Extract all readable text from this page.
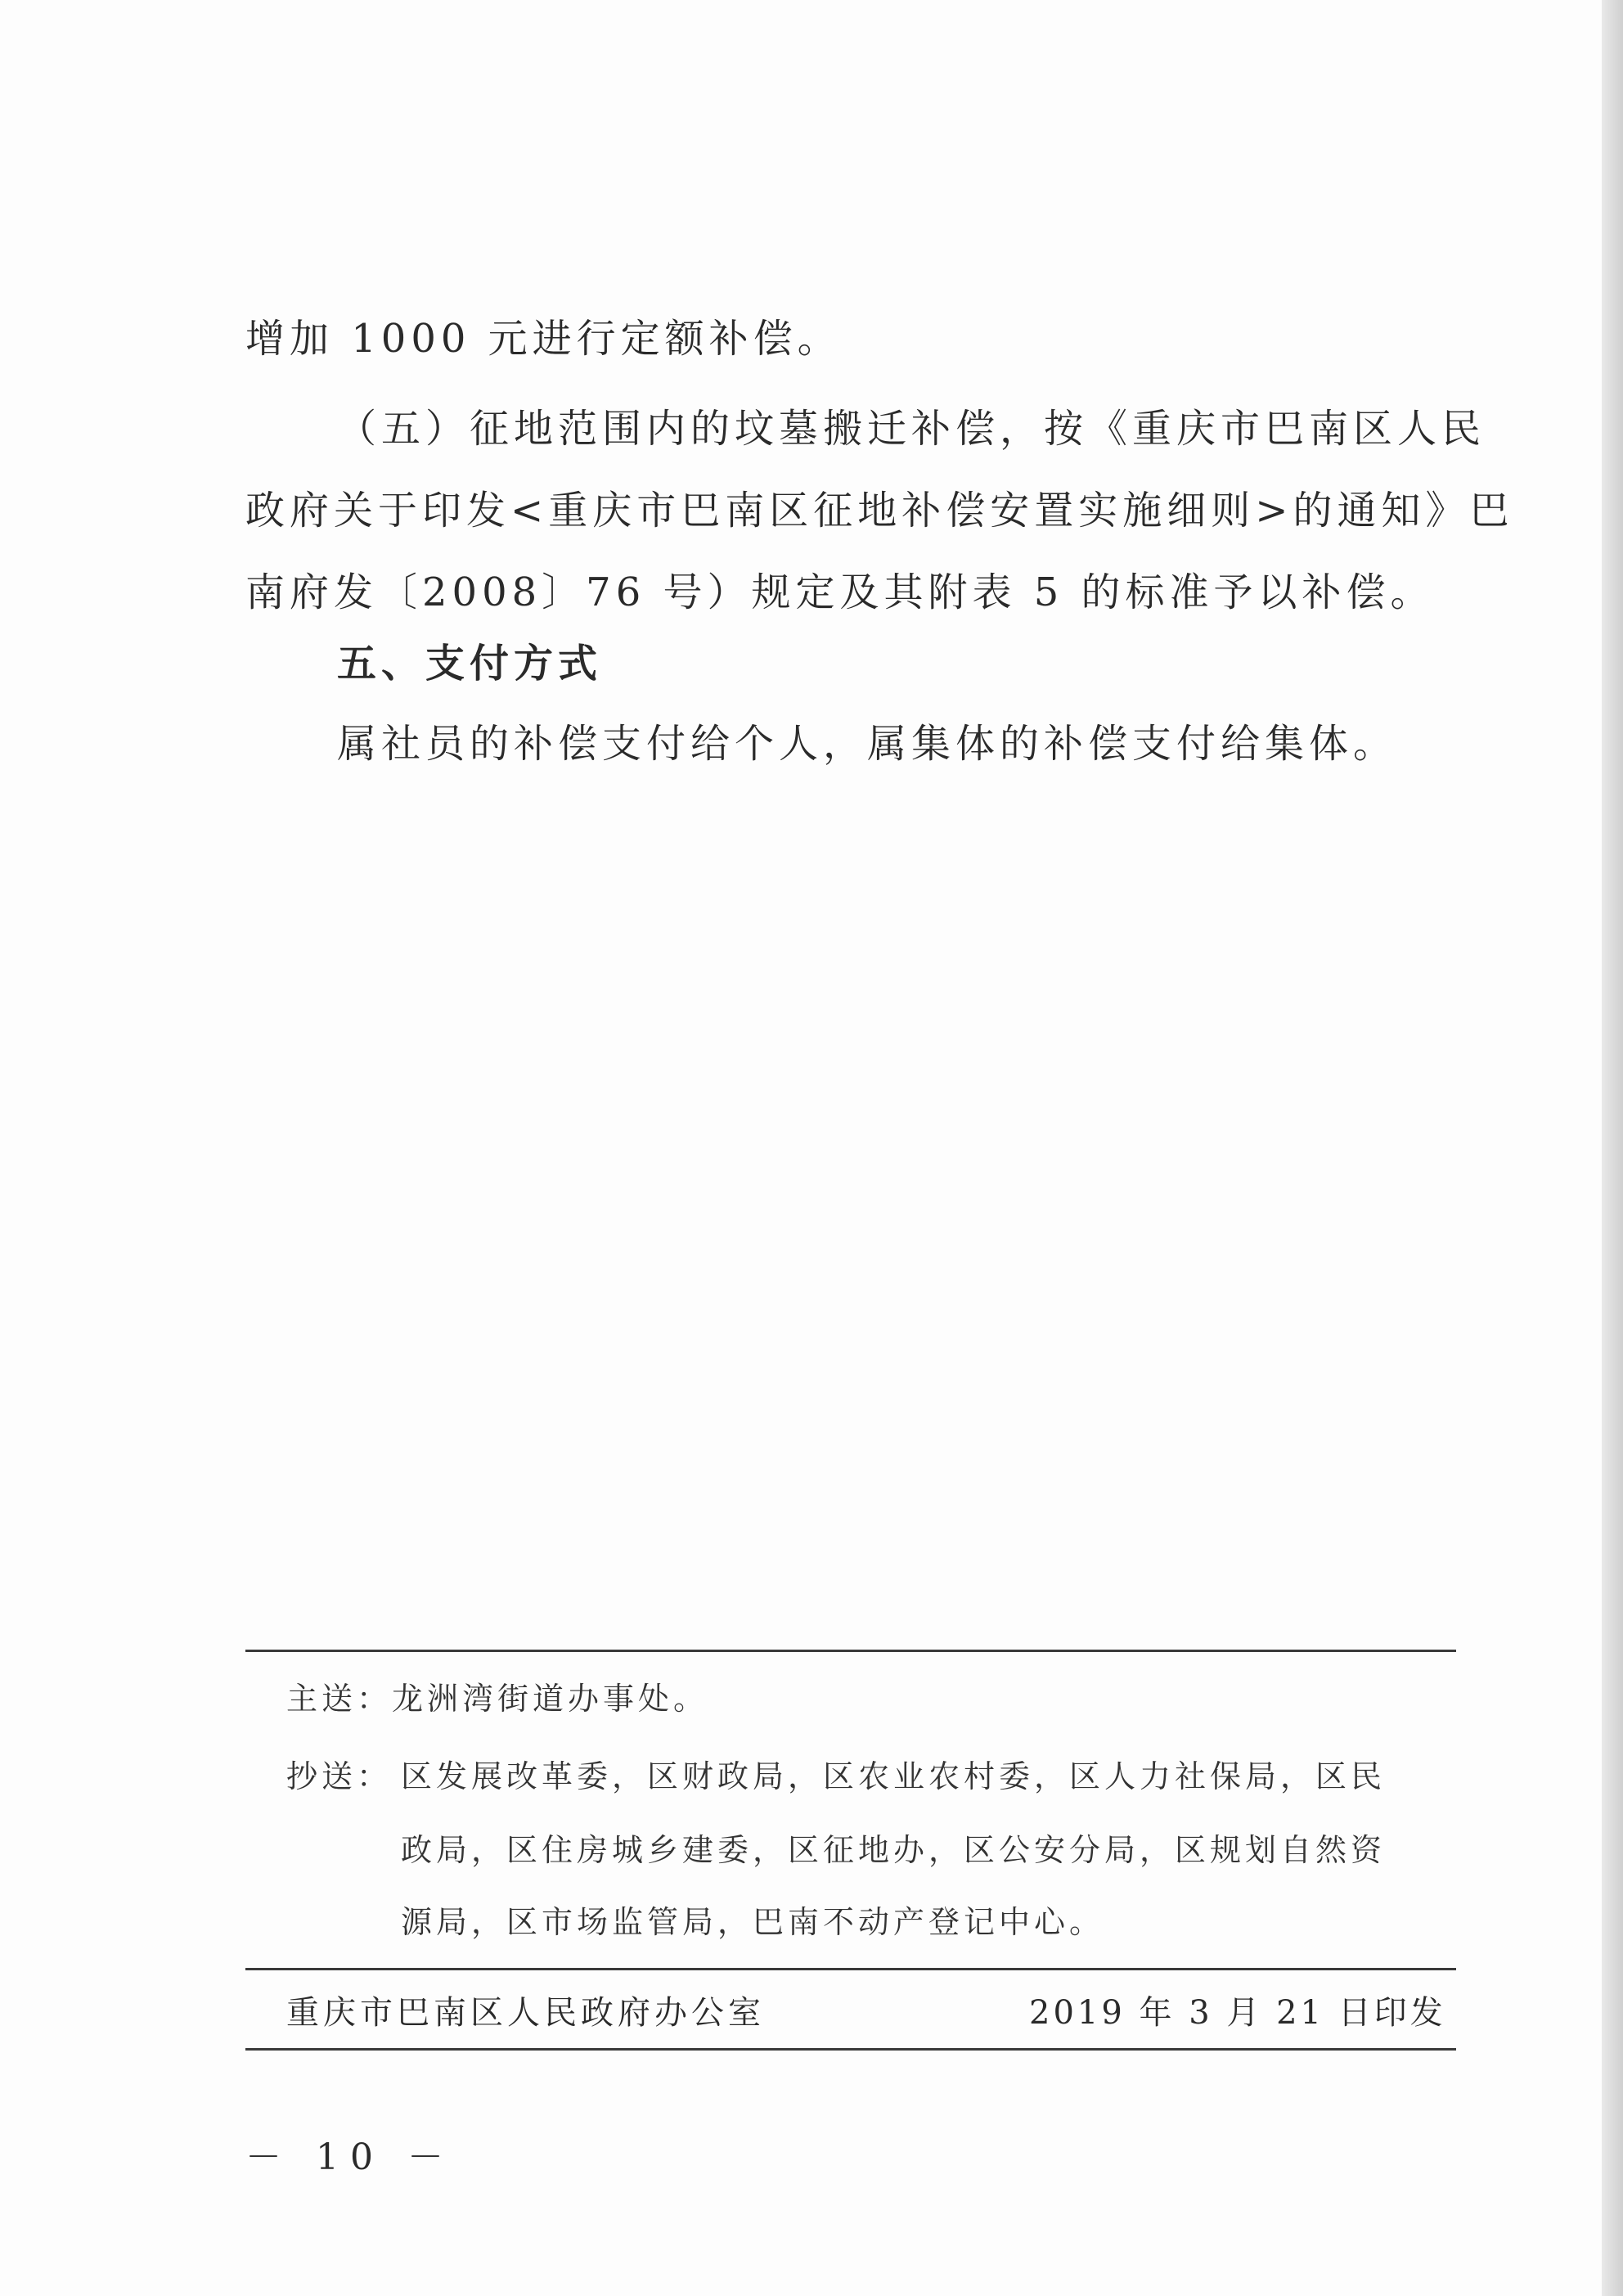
增加 1000 元进行定额补偿。
（五）征地范围内的坟墓搬迁补偿，按《重庆市巴南区人民
政府关于印发<重庆市巴南区征地补偿安置实施细则>的通知》巴
南府发〔2008〕76 号）规定及其附表 5 的标准予以补偿。
五、支付方式
属社员的补偿支付给个人，属集体的补偿支付给集体。
主送：龙洲湾街道办事处。
抄送： 区发展改革委，区财政局，区农业农村委，区人力社保局，区民
政局，区住房城乡建委，区征地办，区公安分局，区规划自然资
源局，区市场监管局，巴南不动产登记中心。
重庆市巴南区人民政府办公室	2019 年 3 月 21 日印发
－ 10 －
